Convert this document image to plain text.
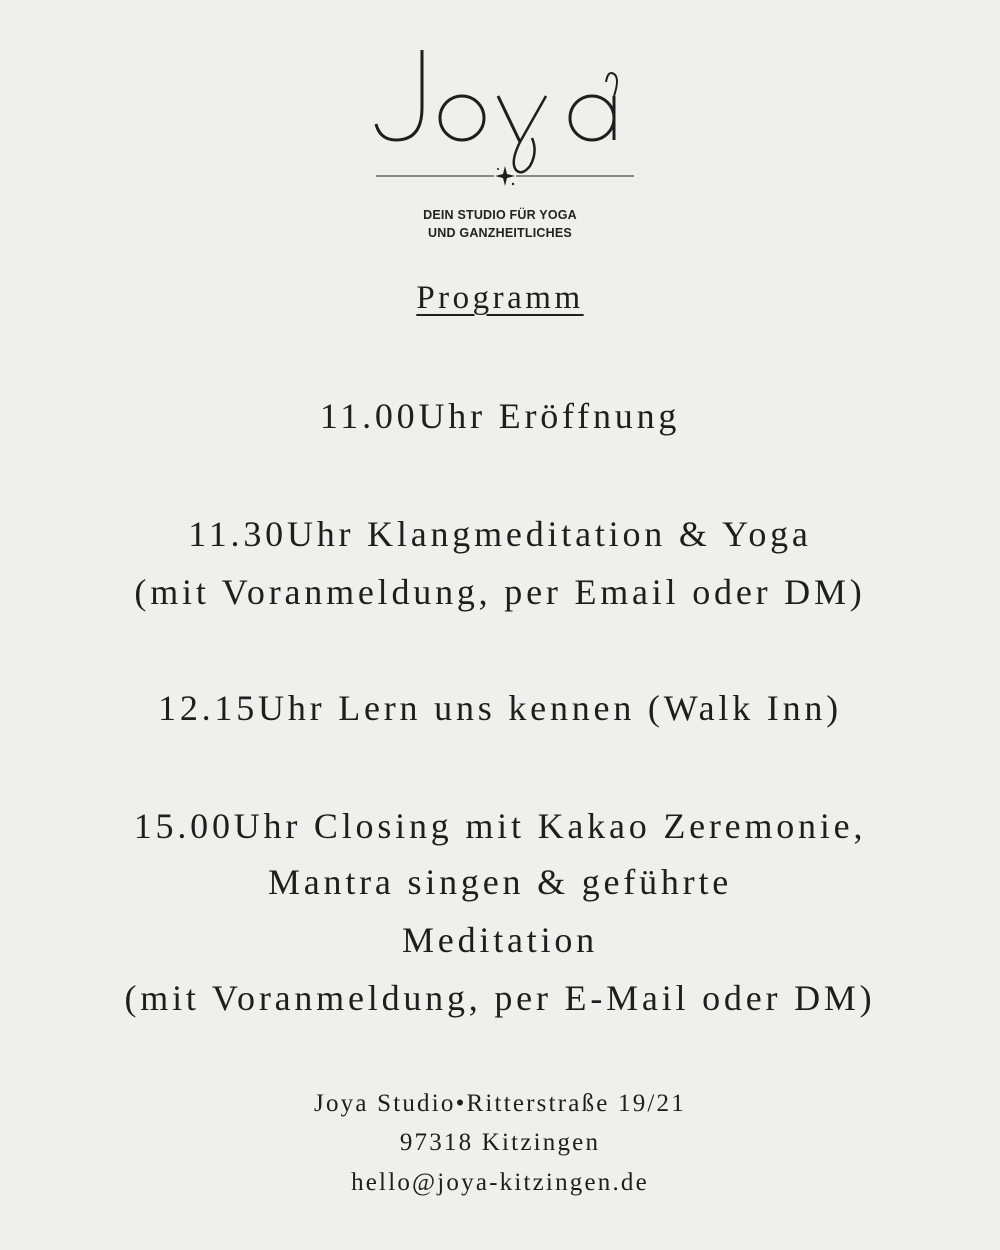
DEIN STUDIO FÜR YOGA
UND GANZHEITLICHES
Programm
11.00Uhr Eröffnung
11.30Uhr Klangmeditation & Yoga
(mit Voranmeldung, per Email oder DM)
12.15Uhr Lern uns kennen (Walk Inn)
15.00Uhr Closing mit Kakao Zeremonie,
Mantra singen & geführte
Meditation
(mit Voranmeldung, per E-Mail oder DM)
Joya Studio•Ritterstraße 19/21
97318 Kitzingen
hello@joya-kitzingen.de
